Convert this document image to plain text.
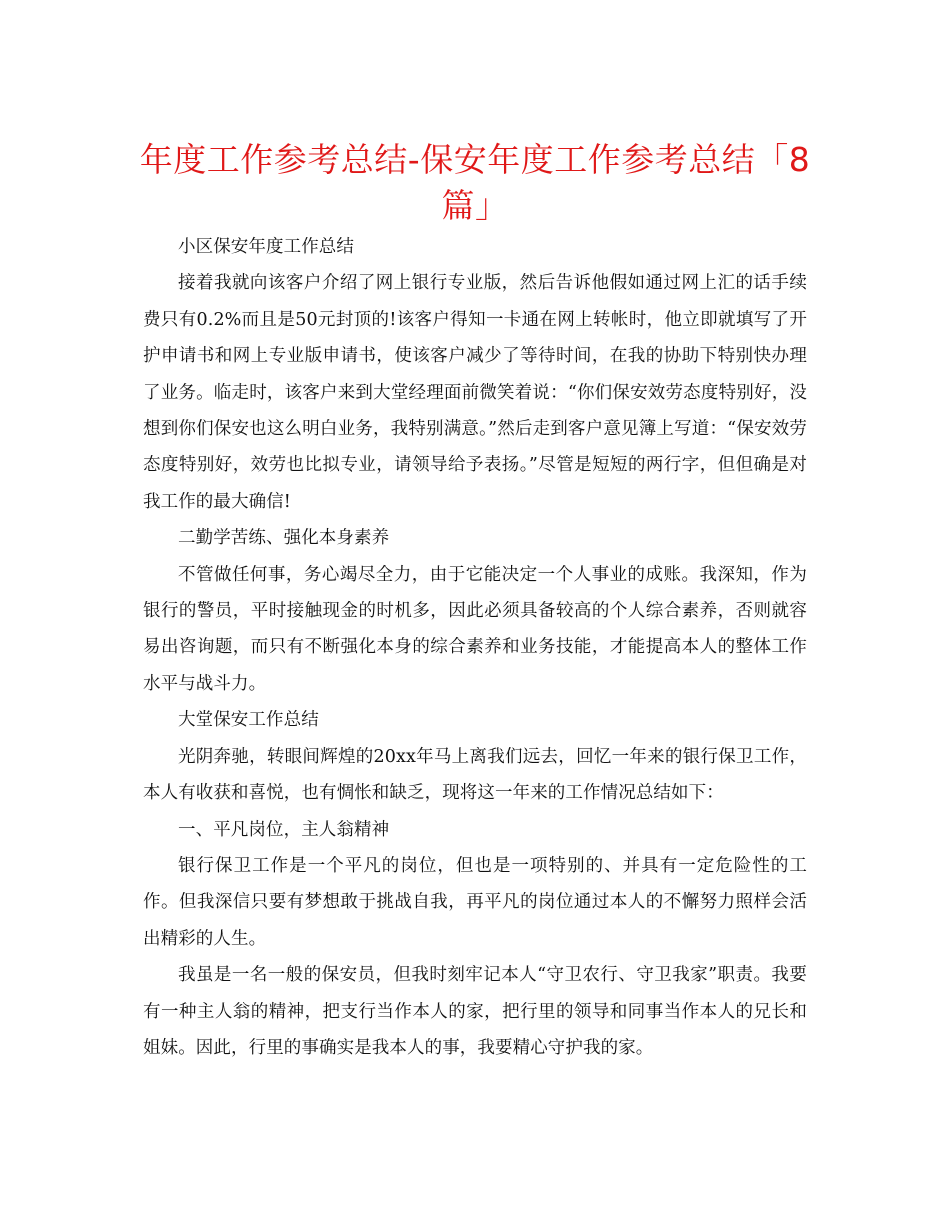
年度工作参考总结-保安年度工作参考总结「8篇」

小区保安年度工作总结

接着我就向该客户介绍了网上银行专业版，然后告诉他假如通过网上汇的话手续费只有0.2%而且是50元封顶的!该客户得知一卡通在网上转帐时，他立即就填写了开护申请书和网上专业版申请书，使该客户减少了等待时间，在我的协助下特别快办理了业务。临走时，该客户来到大堂经理面前微笑着说：“你们保安效劳态度特别好，没想到你们保安也这么明白业务，我特别满意。”然后走到客户意见簿上写道：“保安效劳态度特别好，效劳也比拟专业，请领导给予表扬。”尽管是短短的两行字，但但确是对我工作的最大确信!

二勤学苦练、强化本身素养

不管做任何事，务心竭尽全力，由于它能决定一个人事业的成账。我深知，作为银行的警员，平时接触现金的时机多，因此必须具备较高的个人综合素养，否则就容易出咨询题，而只有不断强化本身的综合素养和业务技能，才能提高本人的整体工作水平与战斗力。

大堂保安工作总结

光阴奔驰，转眼间辉煌的20xx年马上离我们远去，回忆一年来的银行保卫工作，本人有收获和喜悦，也有惆怅和缺乏，现将这一年来的工作情况总结如下：

一、平凡岗位，主人翁精神

银行保卫工作是一个平凡的岗位，但也是一项特别的、并具有一定危险性的工作。但我深信只要有梦想敢于挑战自我，再平凡的岗位通过本人的不懈努力照样会活出精彩的人生。

我虽是一名一般的保安员，但我时刻牢记本人“守卫农行、守卫我家”职责。我要有一种主人翁的精神，把支行当作本人的家，把行里的领导和同事当作本人的兄长和姐妹。因此，行里的事确实是我本人的事，我要精心守护我的家。
